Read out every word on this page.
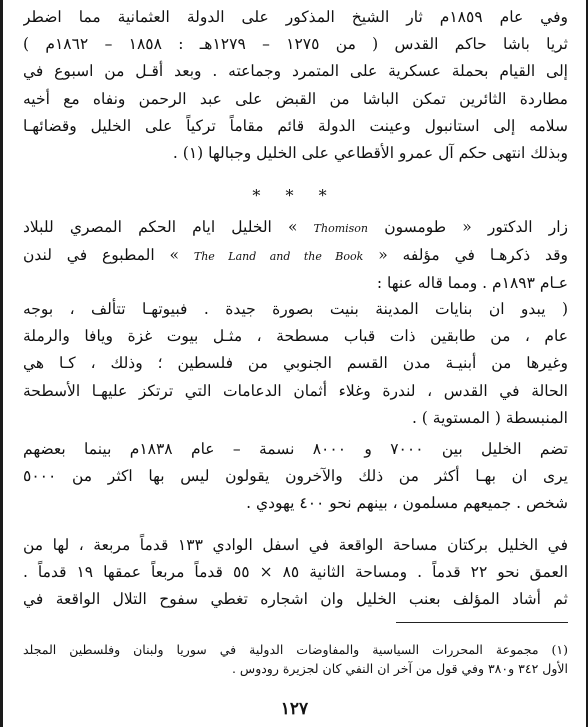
وفي عام ١٨٥٩م ثار الشيخ المذكور على الدولة العثمانية مما اضطر
ثريا باشا حاكم القدس ( من ١٢٧٥ – ١٢٧٩هـ : ١٨٥٨ – ١٨٦٢م )
إلى القيام بحملة عسكرية على المتمرد وجماعته . وبعد أقـل من اسبوع في
مطاردة الثائرين تمكن الباشا من القبض على عبد الرحمن ونفاه مع أخيه
سلامه إلى استانبول وعينت الدولة قائم مقاماً تركياً على الخليل وقضائهـا
وبذلك انتهى حكم آل عمرو الأقطاعي على الخليل وجبالها (١) .
* * *
زار الدكتور « طومسون Thomison » الخليل ايام الحكم المصري للبلاد
وقد ذكرهـا في مؤلفه « The Land and the Book » المطبوع في لندن
عـام ١٨٩٣م . ومما قاله عنها :
( يبدو ان بنايات المدينة بنيت بصورة جيدة . فبيوتهـا تتألف ، بوجه
عام ، من طابقين ذات قباب مسطحة ، مثـل بيوت غزة ويافا والرملة
وغيرها من أبنيـة مدن القسم الجنوبي من فلسطين ؛ وذلك ، كـا هي
الحالة في القدس ، لندرة وغلاء أثمان الدعامات التي ترتكز عليهـا الأسطحة
المنبسطة ( المستوية ) .
تضم الخليل بين ٧٠٠٠ و ٨٠٠٠ نسمة – عام ١٨٣٨م بينما بعضهم
يرى ان بهـا أكثر من ذلك والآخرون يقولون ليس بها اكثر من ٥٠٠٠
شخص . جميعهم مسلمون ، بينهم نحو ٤٠٠ يهودي .
في الخليل بركتان مساحة الواقعة في اسفل الوادي ١٣٣ قدماً مربعة ، لها من
العمق نحو ٢٢ قدماً . ومساحة الثانية ٨٥ × ٥٥ قدماً مربعاً عمقها ١٩ قدماً .
ثم أشاد المؤلف بعنب الخليل وان اشجاره تغطي سفوح التلال الواقعة في
(١) مجموعة المحررات السياسية والمفاوضات الدولية في سوريا ولبنان وفلسطين المجلد
الأول ٣٤٢ و٣٨٠ وفي قول من آخر ان النفي كان لجزيرة رودوس .
١٢٧
